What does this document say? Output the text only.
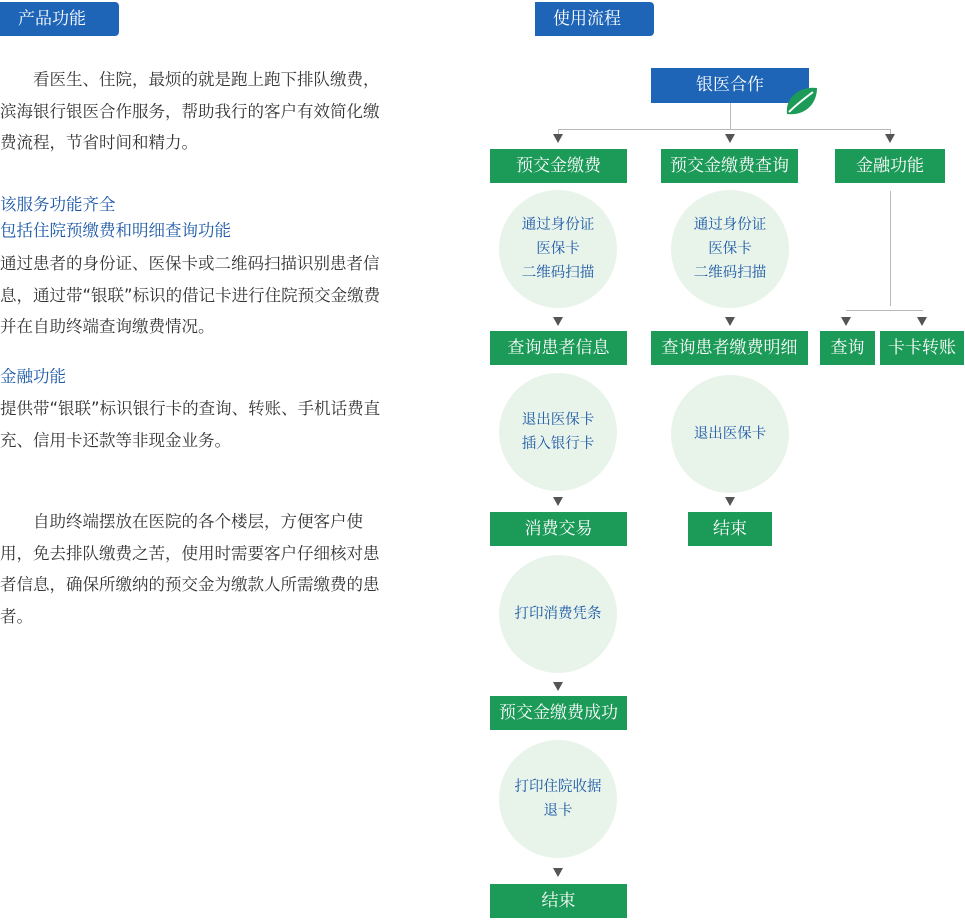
产品功能	使用流程
看医生、住院，最烦的就是跑上跑下排队缴费，滨海银行银医合作服务，帮助我行的客户有效简化缴费流程，节省时间和精力。
该服务功能齐全
包括住院预缴费和明细查询功能
通过患者的身份证、医保卡或二维码扫描识别患者信息，通过带“银联”标识的借记卡进行住院预交金缴费并在自助终端查询缴费情况。
金融功能
提供带“银联”标识银行卡的查询、转账、手机话费直充、信用卡还款等非现金业务。
自助终端摆放在医院的各个楼层，方便客户使用，免去排队缴费之苦，使用时需要客户仔细核对患者信息，确保所缴纳的预交金为缴款人所需缴费的患者。
银医合作
预交金缴费
通过身份证
医保卡
二维码扫描
查询患者信息
退出医保卡
插入银行卡
消费交易
打印消费凭条
预交金缴费成功
打印住院收据
退卡
结束
预交金缴费查询
通过身份证
医保卡
二维码扫描
查询患者缴费明细
退出医保卡
结束
金融功能
查询	卡卡转账
